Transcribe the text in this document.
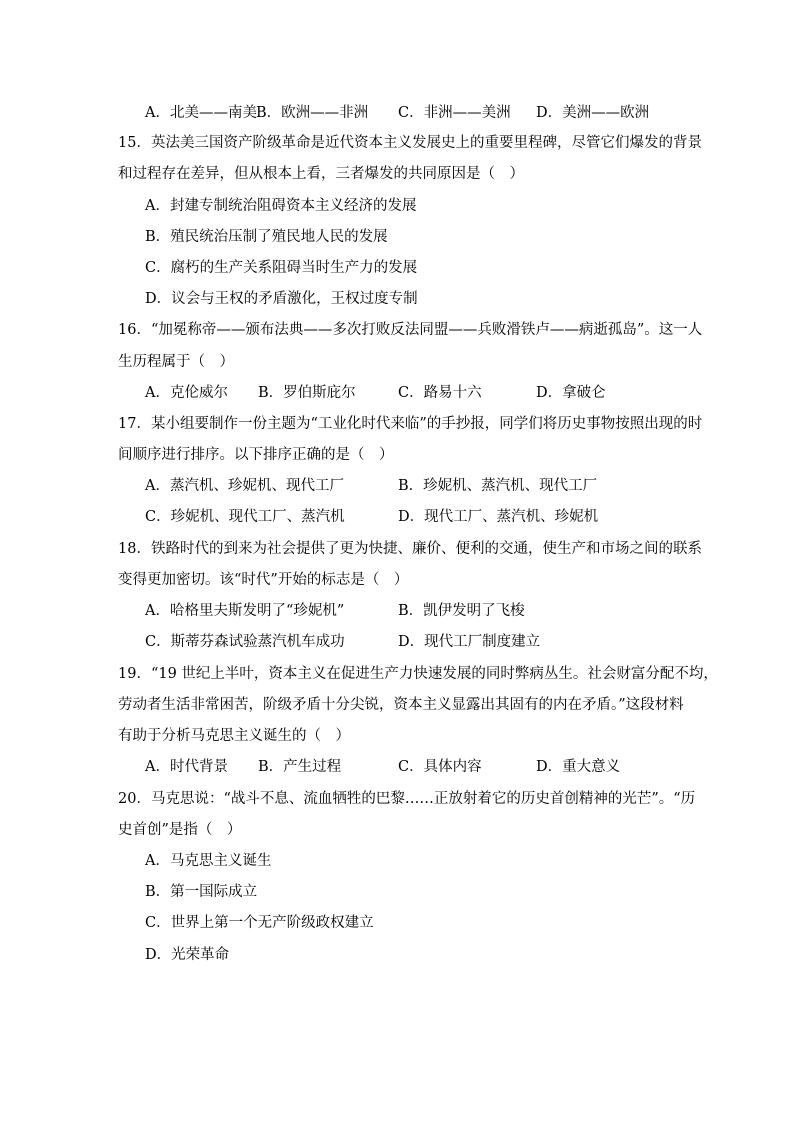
A．北美——南美 B．欧洲——非洲 C．非洲——美洲 D．美洲——欧洲
15．英法美三国资产阶级革命是近代资本主义发展史上的重要里程碑，尽管它们爆发的背景
和过程存在差异，但从根本上看，三者爆发的共同原因是（　）
A．封建专制统治阻碍资本主义经济的发展
B．殖民统治压制了殖民地人民的发展
C．腐朽的生产关系阻碍当时生产力的发展
D．议会与王权的矛盾激化，王权过度专制
16．“加冕称帝——颁布法典——多次打败反法同盟——兵败滑铁卢——病逝孤岛”。这一人
生历程属于（　）
A．克伦威尔 B．罗伯斯庇尔	C．路易十六	D．拿破仑
17．某小组要制作一份主题为“工业化时代来临”的手抄报，同学们将历史事物按照出现的时
间顺序进行排序。以下排序正确的是（　）
A．蒸汽机、珍妮机、现代工厂	B．珍妮机、蒸汽机、现代工厂
C．珍妮机、现代工厂、蒸汽机	D．现代工厂、蒸汽机、珍妮机
18．铁路时代的到来为社会提供了更为快捷、廉价、便利的交通，使生产和市场之间的联系
变得更加密切。该“时代”开始的标志是（　）
A．哈格里夫斯发明了“珍妮机”	B．凯伊发明了飞梭
C．斯蒂芬森试验蒸汽机车成功	D．现代工厂制度建立
19．“19 世纪上半叶，资本主义在促进生产力快速发展的同时弊病丛生。社会财富分配不均，
劳动者生活非常困苦，阶级矛盾十分尖锐，资本主义显露出其固有的内在矛盾。”这段材料
有助于分析马克思主义诞生的（　）
A．时代背景 B．产生过程	C．具体内容	D．重大意义
20．马克思说：“战斗不息、流血牺牲的巴黎……正放射着它的历史首创精神的光芒”。“历
史首创”是指（　）
A．马克思主义诞生
B．第一国际成立
C．世界上第一个无产阶级政权建立
D．光荣革命
